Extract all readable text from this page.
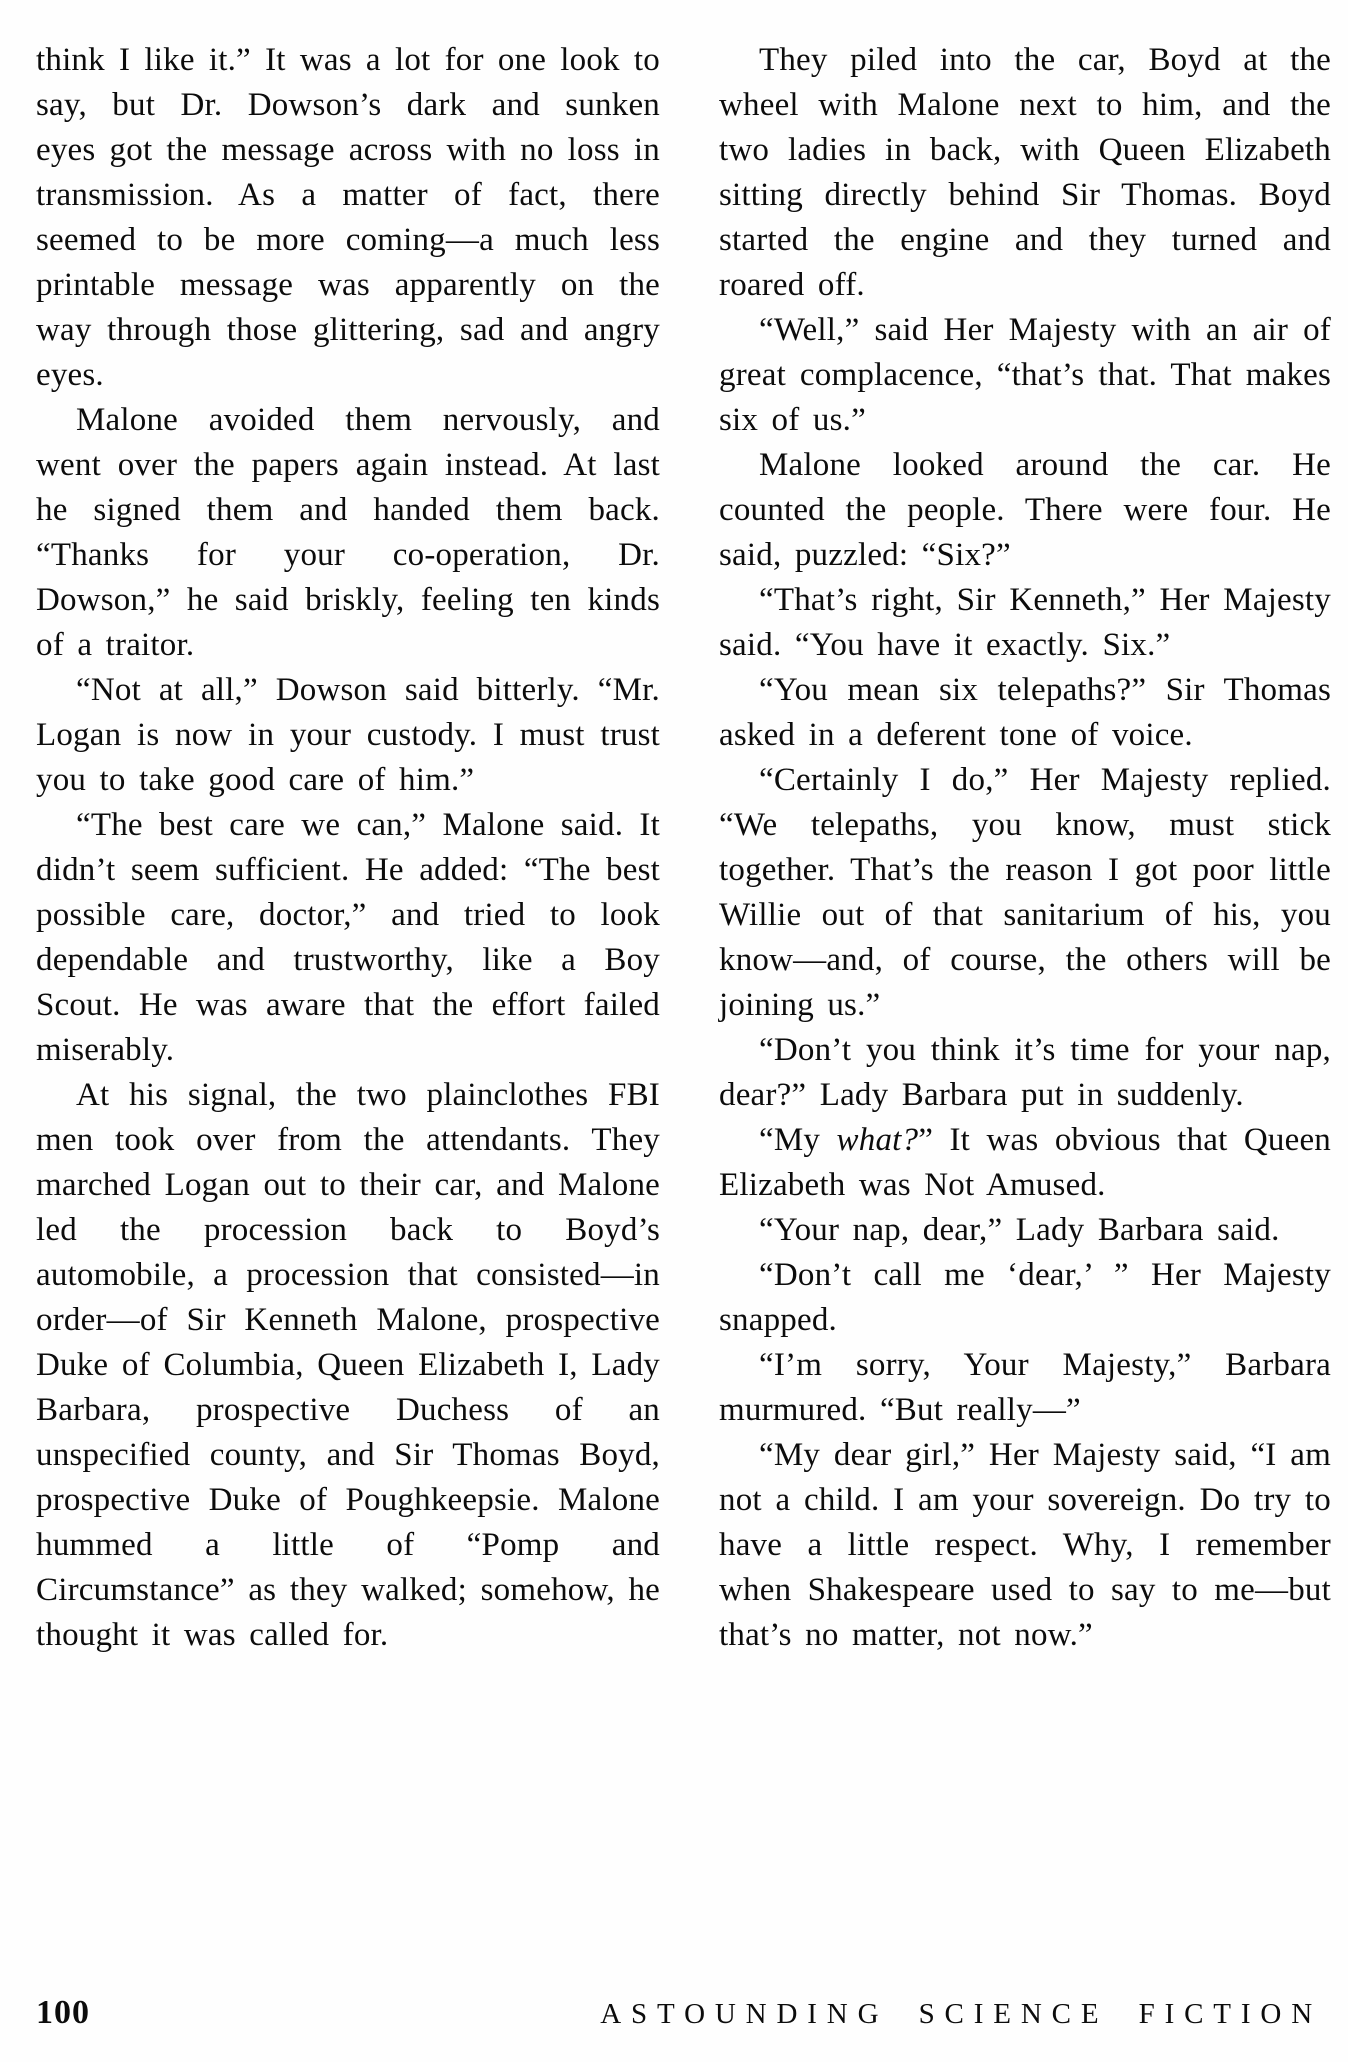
think I like it.” It was a lot for one look to say, but Dr. Dowson’s dark and sunken eyes got the message across with no loss in transmission. As a matter of fact, there seemed to be more coming—a much less printable message was apparently on the way through those glittering, sad and angry eyes.

Malone avoided them nervously, and went over the papers again instead. At last he signed them and handed them back. “Thanks for your co-operation, Dr. Dowson,” he said briskly, feeling ten kinds of a traitor.

“Not at all,” Dowson said bitterly. “Mr. Logan is now in your custody. I must trust you to take good care of him.”

“The best care we can,” Malone said. It didn’t seem sufficient. He added: “The best possible care, doctor,” and tried to look dependable and trustworthy, like a Boy Scout. He was aware that the effort failed miserably.

At his signal, the two plainclothes FBI men took over from the attendants. They marched Logan out to their car, and Malone led the procession back to Boyd’s automobile, a procession that consisted—in order—of Sir Kenneth Malone, prospective Duke of Columbia, Queen Elizabeth I, Lady Barbara, prospective Duchess of an unspecified county, and Sir Thomas Boyd, prospective Duke of Poughkeepsie. Malone hummed a little of “Pomp and Circumstance” as they walked; somehow, he thought it was called for.

They piled into the car, Boyd at the wheel with Malone next to him, and the two ladies in back, with Queen Elizabeth sitting directly behind Sir Thomas. Boyd started the engine and they turned and roared off.

“Well,” said Her Majesty with an air of great complacence, “that’s that. That makes six of us.”

Malone looked around the car. He counted the people. There were four. He said, puzzled: “Six?”

“That’s right, Sir Kenneth,” Her Majesty said. “You have it exactly. Six.”

“You mean six telepaths?” Sir Thomas asked in a deferent tone of voice.

“Certainly I do,” Her Majesty replied. “We telepaths, you know, must stick together. That’s the reason I got poor little Willie out of that sanitarium of his, you know—and, of course, the others will be joining us.”

“Don’t you think it’s time for your nap, dear?” Lady Barbara put in suddenly.

“My what?” It was obvious that Queen Elizabeth was Not Amused.

“Your nap, dear,” Lady Barbara said.

“Don’t call me ‘dear,’ ” Her Majesty snapped.

“I’m sorry, Your Majesty,” Barbara murmured. “But really—”

“My dear girl,” Her Majesty said, “I am not a child. I am your sovereign. Do try to have a little respect. Why, I remember when Shakespeare used to say to me—but that’s no matter, not now.”

100	ASTOUNDING SCIENCE FICTION
